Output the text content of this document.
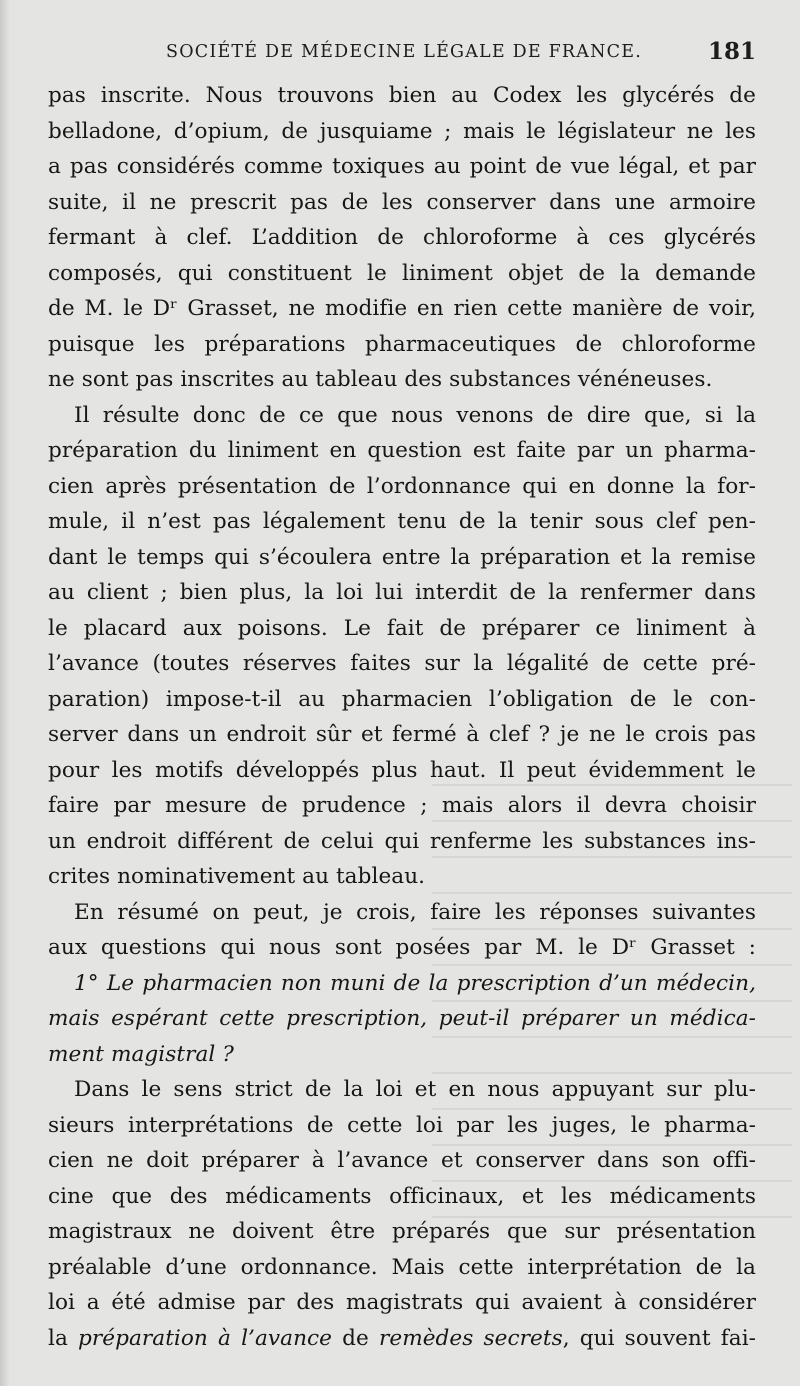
SOCIÉTÉ DE MÉDECINE LÉGALE DE FRANCE.	181
pas inscrite. Nous trouvons bien au Codex les glycérés de
belladone, d’opium, de jusquiame ; mais le législateur ne les
a pas considérés comme toxiques au point de vue légal, et par
suite, il ne prescrit pas de les conserver dans une armoire
fermant à clef. L’addition de chloroforme à ces glycérés
composés, qui constituent le liniment objet de la demande
de M. le Dʳ Grasset, ne modifie en rien cette manière de voir,
puisque les préparations pharmaceutiques de chloroforme
ne sont pas inscrites au tableau des substances vénéneuses.
Il résulte donc de ce que nous venons de dire que, si la
préparation du liniment en question est faite par un pharma-
cien après présentation de l’ordonnance qui en donne la for-
mule, il n’est pas légalement tenu de la tenir sous clef pen-
dant le temps qui s’écoulera entre la préparation et la remise
au client ; bien plus, la loi lui interdit de la renfermer dans
le placard aux poisons. Le fait de préparer ce liniment à
l’avance (toutes réserves faites sur la légalité de cette pré-
paration) impose-t-il au pharmacien l’obligation de le con-
server dans un endroit sûr et fermé à clef ? je ne le crois pas
pour les motifs développés plus haut. Il peut évidemment le
faire par mesure de prudence ; mais alors il devra choisir
un endroit différent de celui qui renferme les substances ins-
crites nominativement au tableau.
En résumé on peut, je crois, faire les réponses suivantes
aux questions qui nous sont posées par M. le Dʳ Grasset :
1° Le pharmacien non muni de la prescription d’un médecin,
mais espérant cette prescription, peut-il préparer un médica-
ment magistral ?
Dans le sens strict de la loi et en nous appuyant sur plu-
sieurs interprétations de cette loi par les juges, le pharma-
cien ne doit préparer à l’avance et conserver dans son offi-
cine que des médicaments officinaux, et les médicaments
magistraux ne doivent être préparés que sur présentation
préalable d’une ordonnance. Mais cette interprétation de la
loi a été admise par des magistrats qui avaient à considérer
la préparation à l’avance de remèdes secrets, qui souvent fai-
